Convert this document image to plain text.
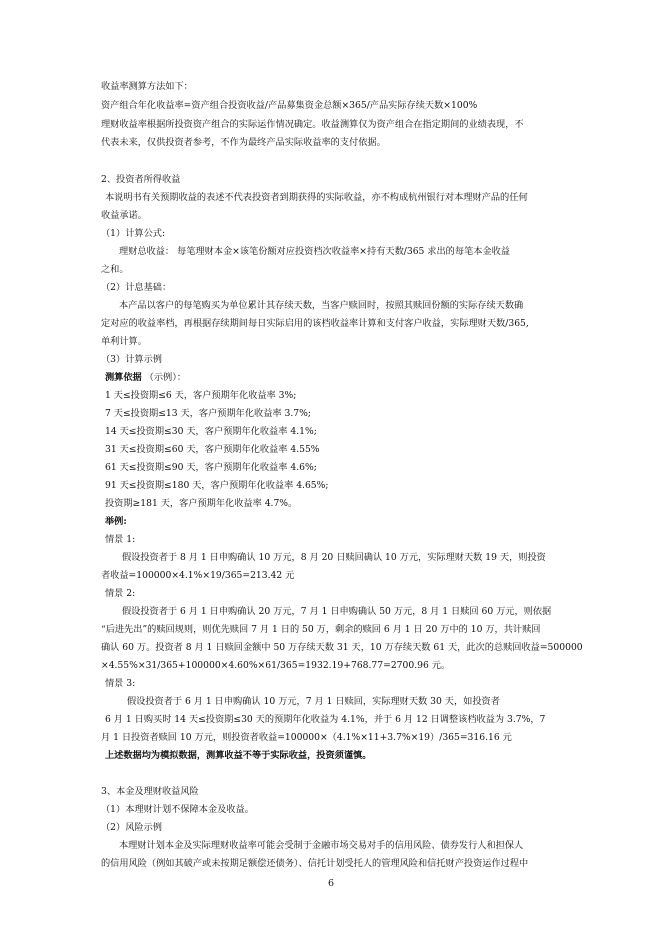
收益率测算方法如下：
资产组合年化收益率=资产组合投资收益/产品募集资金总额×365/产品实际存续天数×100%
理财收益率根据所投资资产组合的实际运作情况确定。收益测算仅为资产组合在指定期间的业绩表现，不
代表未来，仅供投资者参考，不作为最终产品实际收益率的支付依据。
2、投资者所得收益
本说明书有关预期收益的表述不代表投资者到期获得的实际收益，亦不构成杭州银行对本理财产品的任何
收益承诺。
（1）计算公式:
理财总收益： 每笔理财本金×该笔份额对应投资档次收益率×持有天数/365 求出的每笔本金收益
之和。
（2）计息基础：
本产品以客户的每笔购买为单位累计其存续天数，当客户赎回时，按照其赎回份额的实际存续天数确
定对应的收益率档，再根据存续期间每日实际启用的该档收益率计算和支付客户收益，实际理财天数/365,
单利计算。
（3）计算示例
测算依据 （示例）：
1 天≤投资期≤6 天，客户预期年化收益率 3%;
7 天≤投资期≤13 天，客户预期年化收益率 3.7%;
14 天≤投资期≤30 天，客户预期年化收益率 4.1%;
31 天≤投资期≤60 天，客户预期年化收益率 4.55%
61 天≤投资期≤90 天，客户预期年化收益率 4.6%;
91 天≤投资期≤180 天，客户预期年化收益率 4.65%;
投资期≥181 天，客户预期年化收益率 4.7%。
举例:
情景 1:
假设投资者于 8 月 1 日申购确认 10 万元，8 月 20 日赎回确认 10 万元，实际理财天数 19 天，则投资
者收益=100000×4.1%×19/365=213.42 元
情景 2:
假设投资者于 6 月 1 日申购确认 20 万元，7 月 1 日申购确认 50 万元，8 月 1 日赎回 60 万元，则依据
“后进先出”的赎回规则，则优先赎回 7 月 1 日的 50 万，剩余的赎回 6 月 1 日 20 万中的 10 万，共计赎回
确认 60 万。投资者 8 月 1 日赎回金额中 50 万存续天数 31 天，10 万存续天数 61 天，此次的总赎回收益=500000
×4.55%×31/365+100000×4.60%×61/365=1932.19+768.77=2700.96 元。
情景 3:
假设投资者于 6 月 1 日申购确认 10 万元，7 月 1 日赎回，实际理财天数 30 天，如投资者
6 月 1 日购买时 14 天≤投资期≤30 天的预期年化收益为 4.1%，并于 6 月 12 日调整该档收益为 3.7%，7
月 1 日投资者赎回 10 万元，则投资者收益=100000×（4.1%×11+3.7%×19）/365=316.16 元
上述数据均为模拟数据，测算收益不等于实际收益，投资须谨慎。
3、本金及理财收益风险
（1）本理财计划不保障本金及收益。
（2）风险示例
本理财计划本金及实际理财收益率可能会受制于金融市场交易对手的信用风险、债券发行人和担保人
的信用风险（例如其破产或未按期足额偿还债务）、信托计划受托人的管理风险和信托财产投资运作过程中
6
